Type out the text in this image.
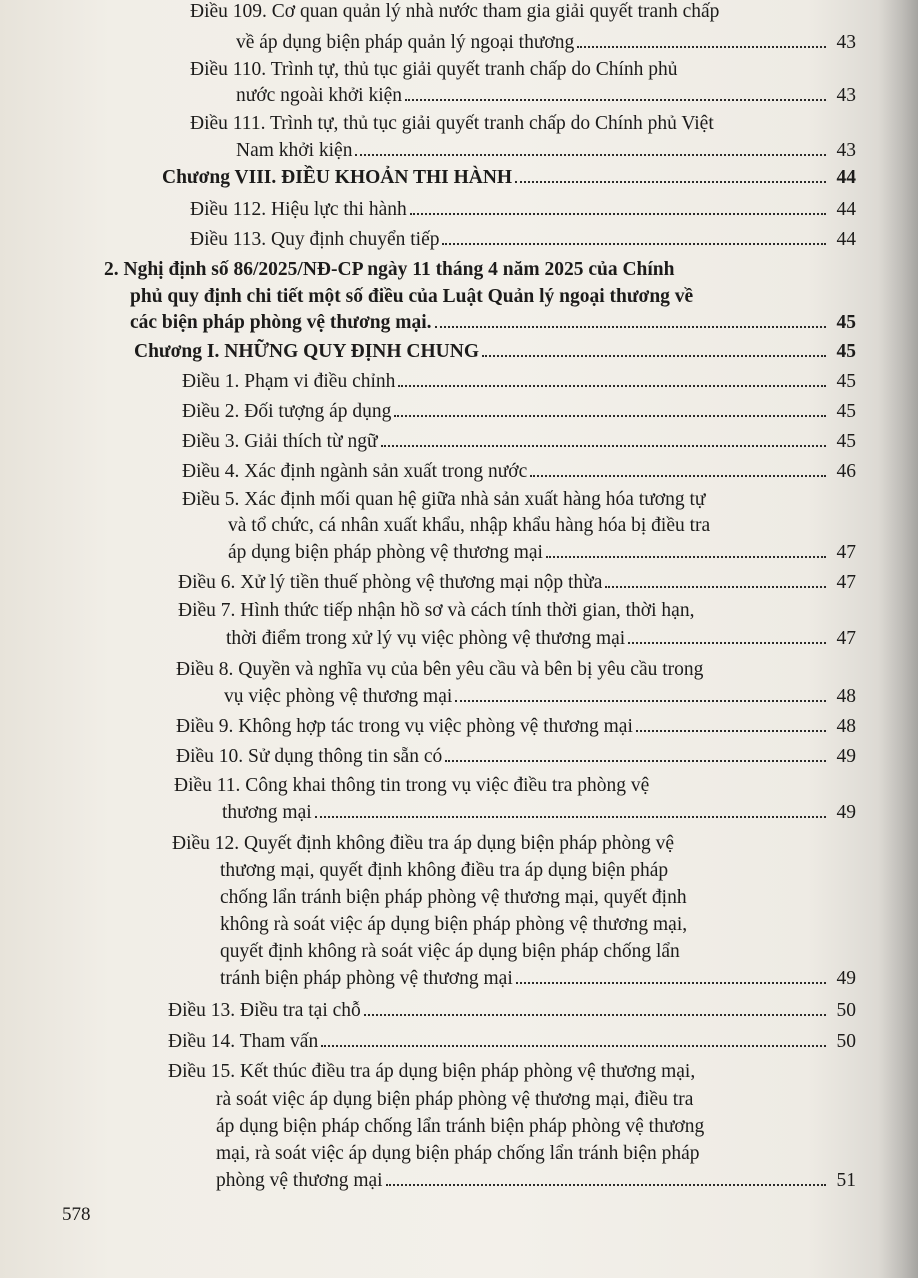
Điều 109. Cơ quan quản lý nhà nước tham gia giải quyết tranh chấp
về áp dụng biện pháp quản lý ngoại thương	43
Điều 110. Trình tự, thủ tục giải quyết tranh chấp do Chính phủ
nước ngoài khởi kiện	43
Điều 111. Trình tự, thủ tục giải quyết tranh chấp do Chính phủ Việt
Nam khởi kiện	43
Chương VIII. ĐIỀU KHOẢN THI HÀNH	44
Điều 112. Hiệu lực thi hành	44
Điều 113. Quy định chuyển tiếp	44
2. Nghị định số 86/2025/NĐ-CP ngày 11 tháng 4 năm 2025 của Chính
phủ quy định chi tiết một số điều của Luật Quản lý ngoại thương về
các biện pháp phòng vệ thương mại.	45
Chương I. NHỮNG QUY ĐỊNH CHUNG	45
Điều 1. Phạm vi điều chỉnh	45
Điều 2. Đối tượng áp dụng	45
Điều 3. Giải thích từ ngữ	45
Điều 4. Xác định ngành sản xuất trong nước	46
Điều 5. Xác định mối quan hệ giữa nhà sản xuất hàng hóa tương tự
và tổ chức, cá nhân xuất khẩu, nhập khẩu hàng hóa bị điều tra
áp dụng biện pháp phòng vệ thương mại	47
Điều 6. Xử lý tiền thuế phòng vệ thương mại nộp thừa	47
Điều 7. Hình thức tiếp nhận hồ sơ và cách tính thời gian, thời hạn,
thời điểm trong xử lý vụ việc phòng vệ thương mại	47
Điều 8. Quyền và nghĩa vụ của bên yêu cầu và bên bị yêu cầu trong
vụ việc phòng vệ thương mại	48
Điều 9. Không hợp tác trong vụ việc phòng vệ thương mại	48
Điều 10. Sử dụng thông tin sẵn có	49
Điều 11. Công khai thông tin trong vụ việc điều tra phòng vệ
thương mại	49
Điều 12. Quyết định không điều tra áp dụng biện pháp phòng vệ
thương mại, quyết định không điều tra áp dụng biện pháp
chống lẩn tránh biện pháp phòng vệ thương mại, quyết định
không rà soát việc áp dụng biện pháp phòng vệ thương mại,
quyết định không rà soát việc áp dụng biện pháp chống lẩn
tránh biện pháp phòng vệ thương mại	49
Điều 13. Điều tra tại chỗ	50
Điều 14. Tham vấn	50
Điều 15. Kết thúc điều tra áp dụng biện pháp phòng vệ thương mại,
rà soát việc áp dụng biện pháp phòng vệ thương mại, điều tra
áp dụng biện pháp chống lẩn tránh biện pháp phòng vệ thương
mại, rà soát việc áp dụng biện pháp chống lẩn tránh biện pháp
phòng vệ thương mại	51
578
